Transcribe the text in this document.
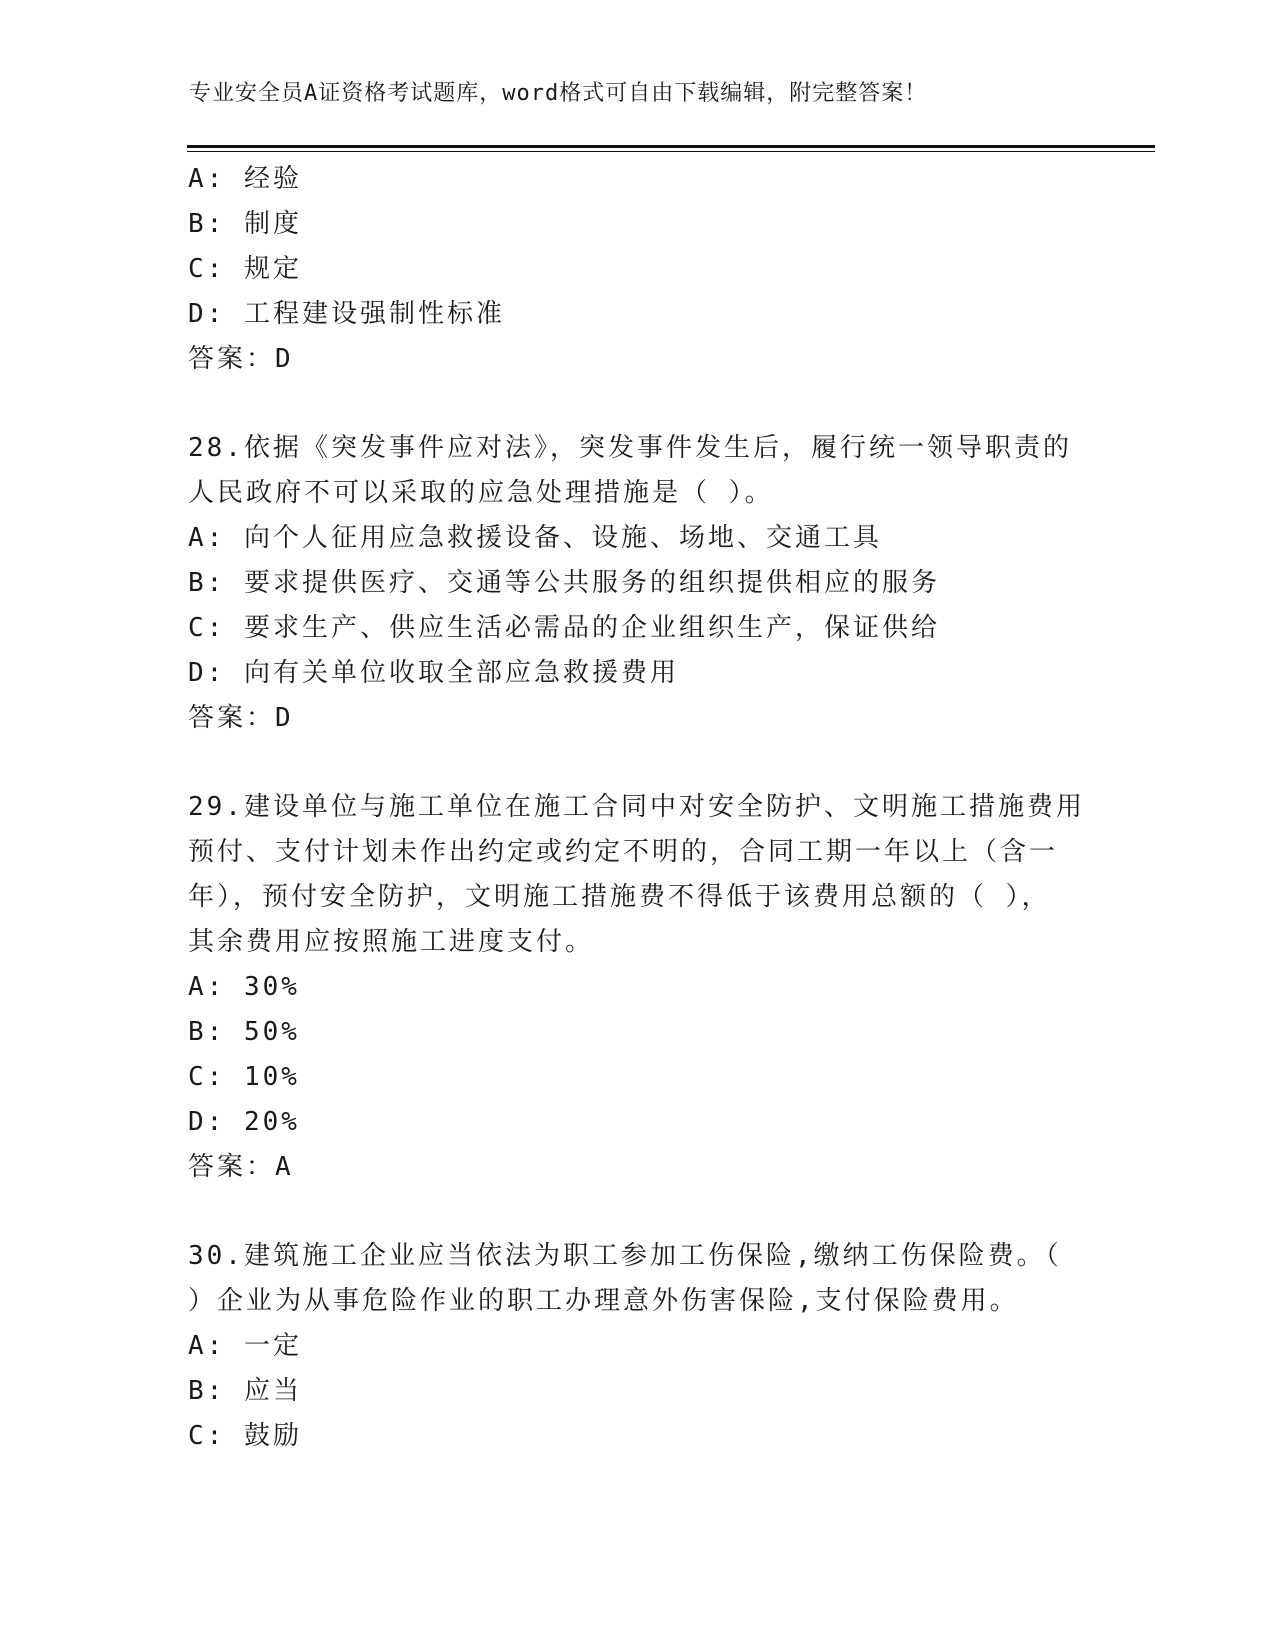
专业安全员A证资格考试题库，word格式可自由下载编辑，附完整答案！
A: 经验
B: 制度
C: 规定
D: 工程建设强制性标准
答案：D
28.依据《突发事件应对法》，突发事件发生后，履行统一领导职责的
人民政府不可以采取的应急处理措施是（ ）。
A: 向个人征用应急救援设备、设施、场地、交通工具
B: 要求提供医疗、交通等公共服务的组织提供相应的服务
C: 要求生产、供应生活必需品的企业组织生产，保证供给
D: 向有关单位收取全部应急救援费用
答案：D
29.建设单位与施工单位在施工合同中对安全防护、文明施工措施费用
预付、支付计划未作出约定或约定不明的，合同工期一年以上（含一
年），预付安全防护，文明施工措施费不得低于该费用总额的（ ），
其余费用应按照施工进度支付。
A: 30%
B: 50%
C: 10%
D: 20%
答案：A
30.建筑施工企业应当依法为职工参加工伤保险,缴纳工伤保险费。（
）企业为从事危险作业的职工办理意外伤害保险,支付保险费用。
A: 一定
B: 应当
C: 鼓励
